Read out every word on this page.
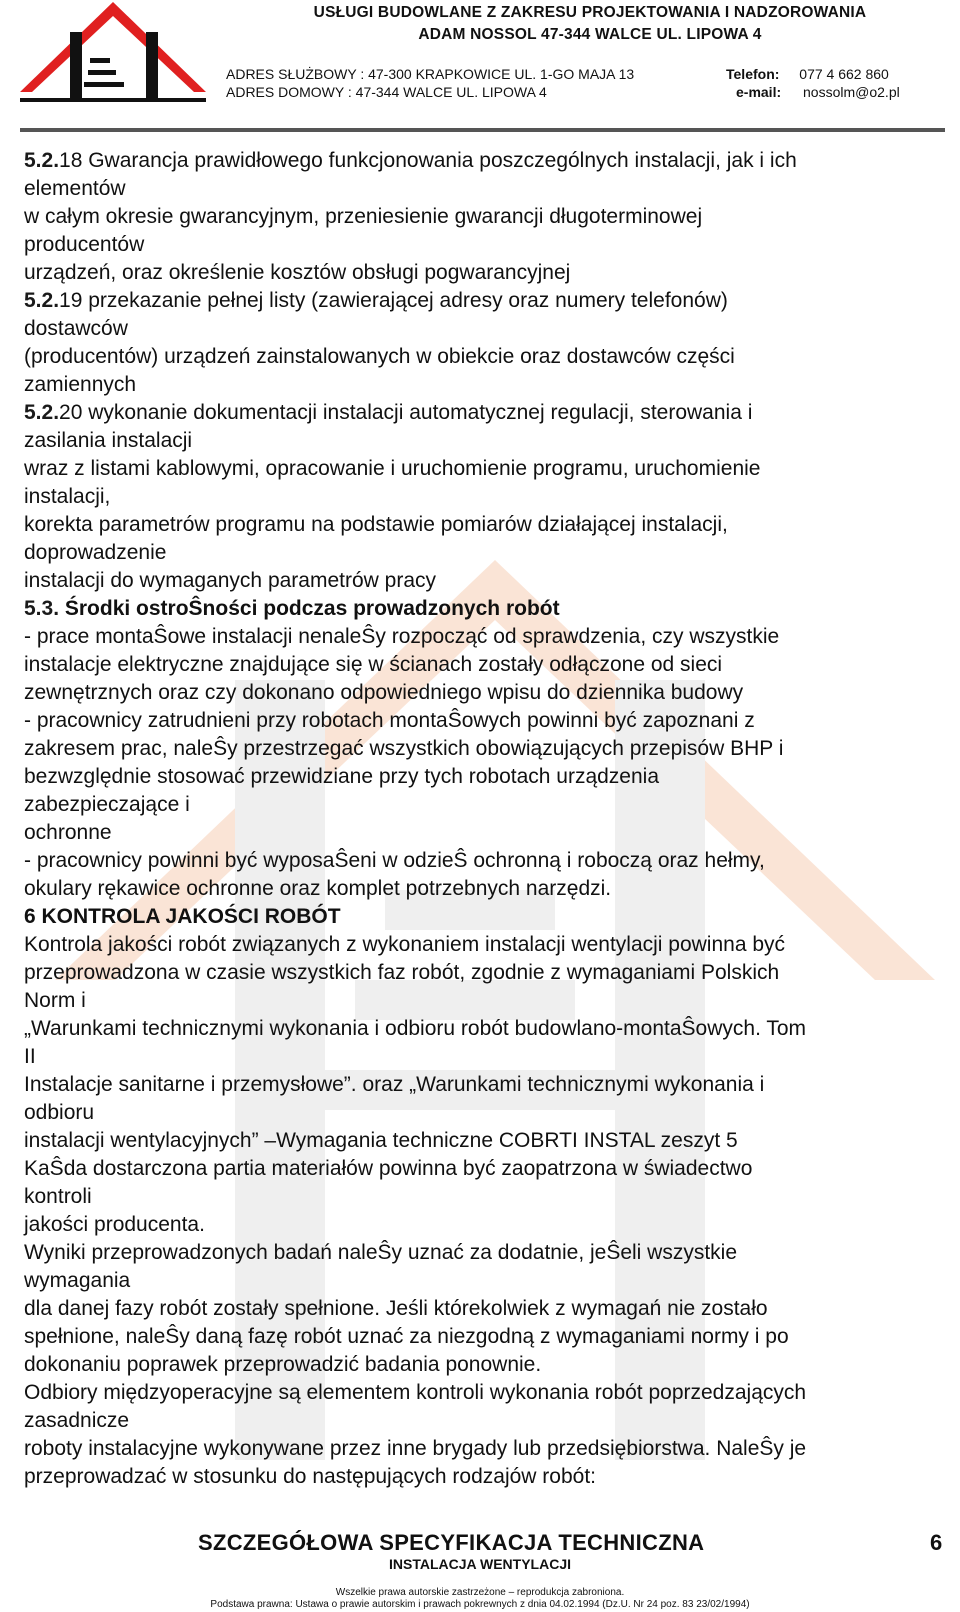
USŁUGI BUDOWLANE Z ZAKRESU PROJEKTOWANIA I NADZOROWANIA
ADAM NOSSOL 47-344 WALCE UL. LIPOWA 4
ADRES SŁUŻBOWY : 47-300 KRAPKOWICE UL. 1-GO MAJA 13
ADRES DOMOWY : 47-344 WALCE UL. LIPOWA 4
Telefon: 077 4 662 860
e-mail: nossolm@o2.pl

5.2.18 Gwarancja prawidłowego funkcjonowania poszczególnych instalacji, jak i ich

elementów

w całym okresie gwarancyjnym, przeniesienie gwarancji długoterminowej

producentów

urządzeń, oraz określenie kosztów obsługi pogwarancyjnej

5.2.19 przekazanie pełnej listy (zawierającej adresy oraz numery telefonów)

dostawców

(producentów) urządzeń zainstalowanych w obiekcie oraz dostawców części

zamiennych

5.2.20 wykonanie dokumentacji instalacji automatycznej regulacji, sterowania i

zasilania instalacji

wraz z listami kablowymi, opracowanie i uruchomienie programu, uruchomienie

instalacji,

korekta parametrów programu na podstawie pomiarów działającej instalacji,

doprowadzenie

instalacji do wymaganych parametrów pracy

5.3. Środki ostroŜności podczas prowadzonych robót

- prace montaŜowe instalacji nenaleŜy rozpocząć od sprawdzenia, czy wszystkie

instalacje elektryczne znajdujące się w ścianach zostały odłączone od sieci

zewnętrznych oraz czy dokonano odpowiedniego wpisu do dziennika budowy

- pracownicy zatrudnieni przy robotach montaŜowych powinni być zapoznani z

zakresem prac, naleŜy przestrzegać wszystkich obowiązujących przepisów BHP i

bezwzględnie stosować przewidziane przy tych robotach urządzenia

zabezpieczające i

ochronne

- pracownicy powinni być wyposaŜeni w odzieŜ ochronną i roboczą oraz hełmy,

okulary rękawice ochronne oraz komplet potrzebnych narzędzi.

6 KONTROLA JAKOŚCI ROBÓT

Kontrola jakości robót związanych z wykonaniem instalacji wentylacji powinna być

przeprowadzona w czasie wszystkich faz robót, zgodnie z wymaganiami Polskich

Norm i

„Warunkami technicznymi wykonania i odbioru robót budowlano-montaŜowych. Tom

II

Instalacje sanitarne i przemysłowe”. oraz „Warunkami technicznymi wykonania i

odbioru

instalacji wentylacyjnych” –Wymagania techniczne COBRTI INSTAL zeszyt 5

KaŜda dostarczona partia materiałów powinna być zaopatrzona w świadectwo

kontroli

jakości producenta.

Wyniki przeprowadzonych badań naleŜy uznać za dodatnie, jeŜeli wszystkie

wymagania

dla danej fazy robót zostały spełnione. Jeśli którekolwiek z wymagań nie zostało

spełnione, naleŜy daną fazę robót uznać za niezgodną z wymaganiami normy i po

dokonaniu poprawek przeprowadzić badania ponownie.

Odbiory międzyoperacyjne są elementem kontroli wykonania robót poprzedzających

zasadnicze

roboty instalacyjne wykonywane przez inne brygady lub przedsiębiorstwa. NaleŜy je

przeprowadzać w stosunku do następujących rodzajów robót:

SZCZEGÓŁOWA SPECYFIKACJA TECHNICZNA	6
INSTALACJA WENTYLACJI
Wszelkie prawa autorskie zastrzeżone – reprodukcja zabroniona.
Podstawa prawna: Ustawa o prawie autorskim i prawach pokrewnych z dnia 04.02.1994 (Dz.U. Nr 24 poz. 83 23/02/1994)
